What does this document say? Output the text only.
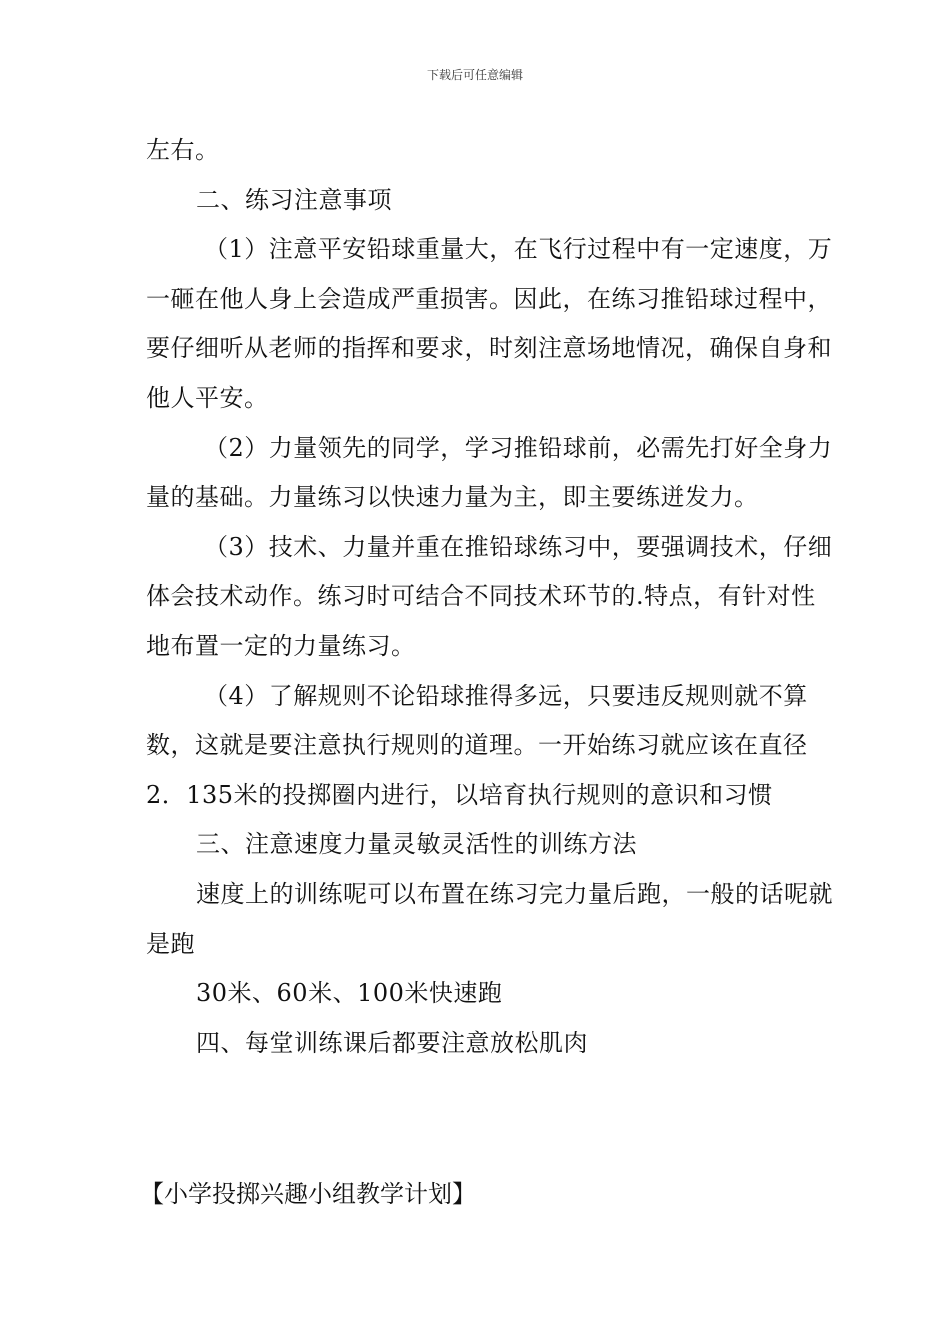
下载后可任意编辑

左右。

二、练习注意事项

（1）注意平安铅球重量大，在飞行过程中有一定速度，万一砸在他人身上会造成严重损害。因此，在练习推铅球过程中，要仔细听从老师的指挥和要求，时刻注意场地情况，确保自身和他人平安。

（2）力量领先的同学，学习推铅球前，必需先打好全身力量的基础。力量练习以快速力量为主，即主要练迸发力。

（3）技术、力量并重在推铅球练习中，要强调技术，仔细体会技术动作。练习时可结合不同技术环节的.特点，有针对性地布置一定的力量练习。

（4）了解规则不论铅球推得多远，只要违反规则就不算数，这就是要注意执行规则的道理。一开始练习就应该在直径2．135米的投掷圈内进行，以培育执行规则的意识和习惯

三、注意速度力量灵敏灵活性的训练方法

速度上的训练呢可以布置在练习完力量后跑，一般的话呢就是跑

30米、60米、100米快速跑

四、每堂训练课后都要注意放松肌肉

【小学投掷兴趣小组教学计划】
